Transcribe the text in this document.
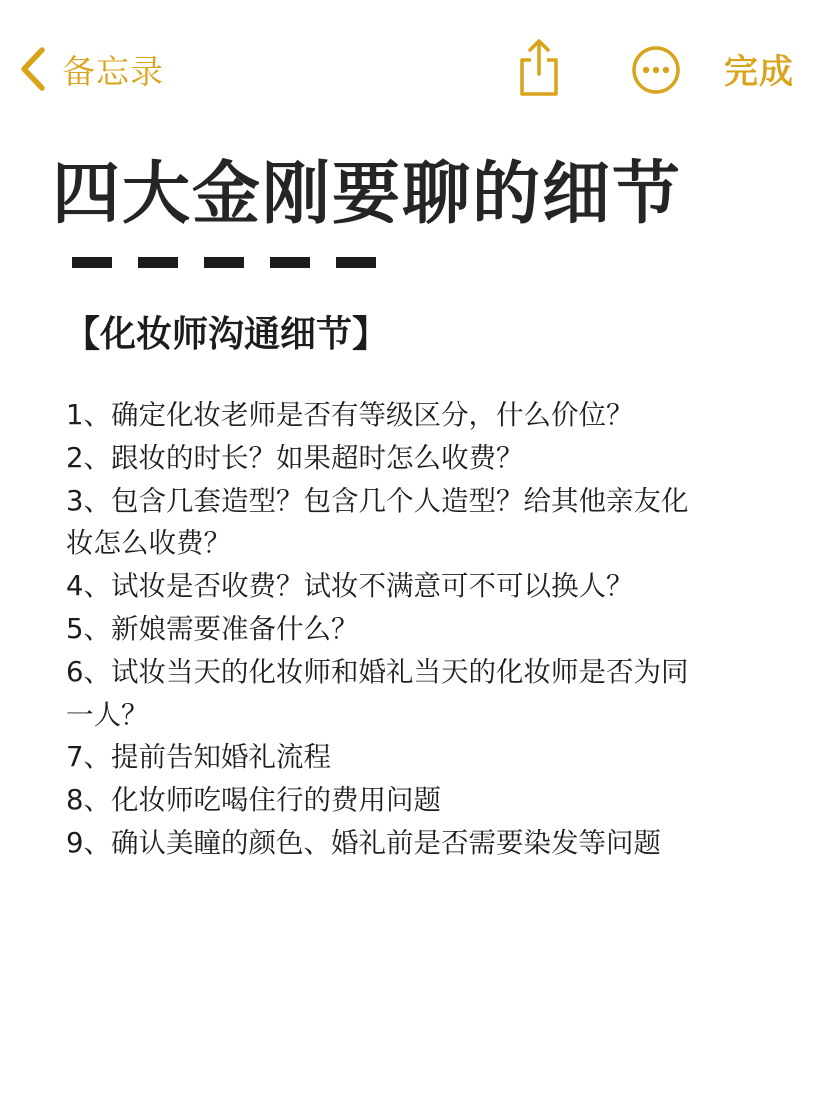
备忘录	完成
四大金刚要聊的细节
【化妆师沟通细节】
1、确定化妆老师是否有等级区分，什么价位？
2、跟妆的时长？如果超时怎么收费？
3、包含几套造型？包含几个人造型？给其他亲友化
妆怎么收费？
4、试妆是否收费？试妆不满意可不可以换人？
5、新娘需要准备什么？
6、试妆当天的化妆师和婚礼当天的化妆师是否为同
一人？
7、提前告知婚礼流程
8、化妆师吃喝住行的费用问题
9、确认美瞳的颜色、婚礼前是否需要染发等问题
